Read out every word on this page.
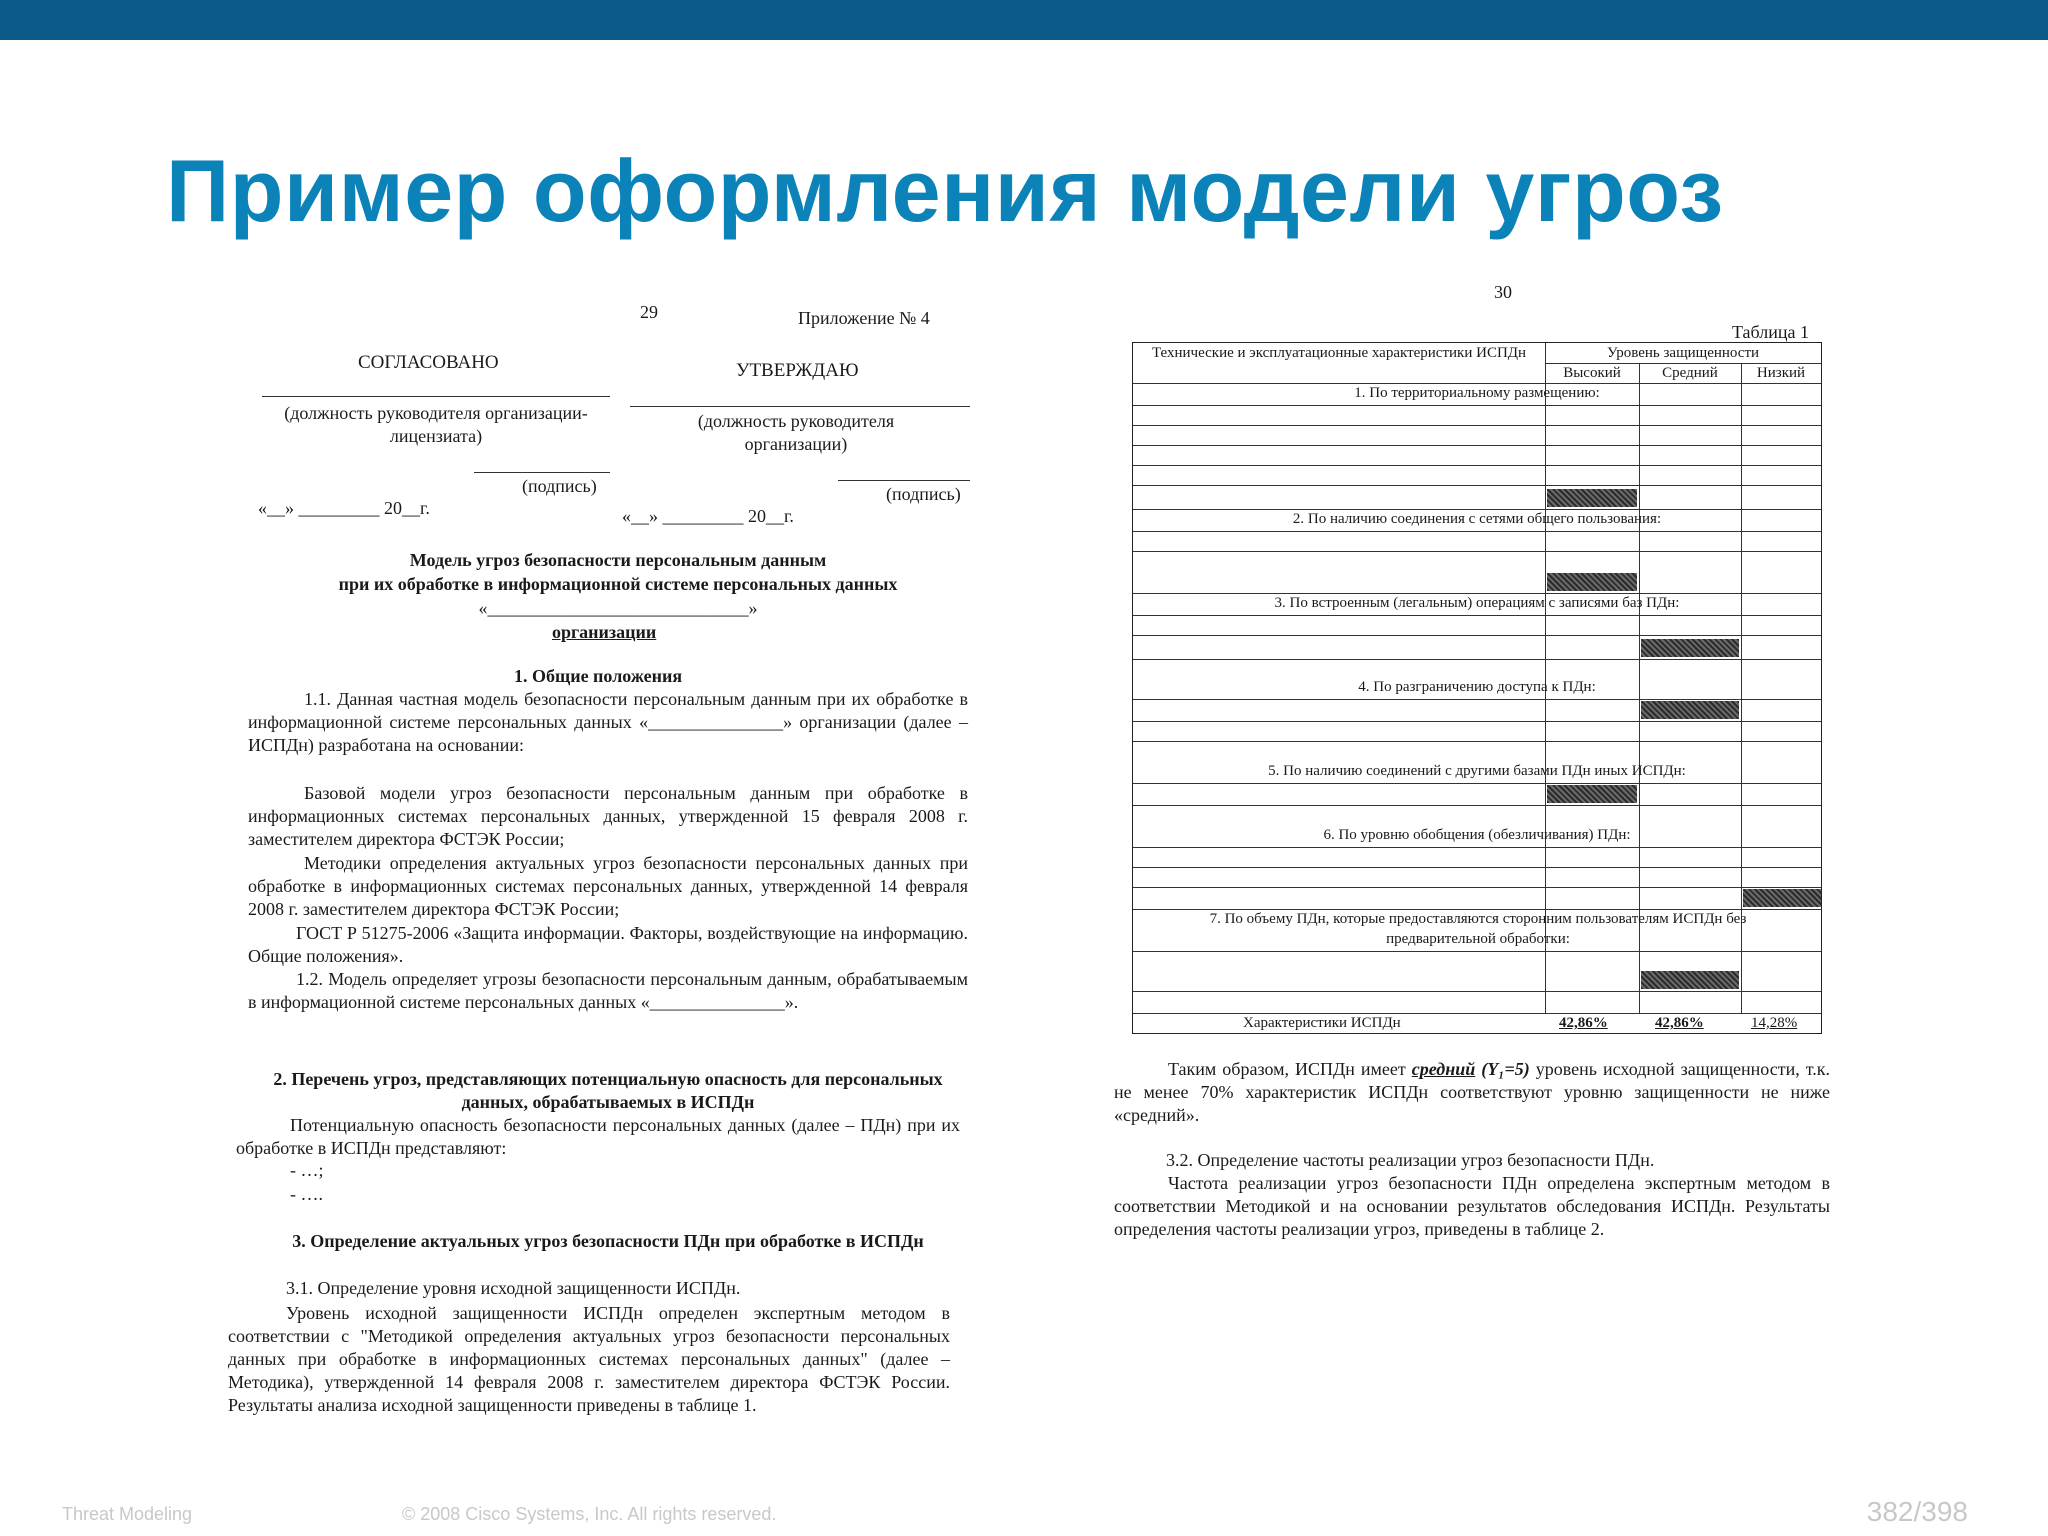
Пример оформления модели угроз
29	Приложение № 4
СОГЛАСОВАНО	УТВЕРЖДАЮ
(должность руководителя организации-лицензиата)
(должность руководителя организации)
(подпись)	(подпись)
«__» _________ 20__г.	«__» _________ 20__г.
Модель угроз безопасности персональным данным
при их обработке в информационной системе персональных данных
«_____________________________»
организации
1. Общие положения
1.1. Данная частная модель безопасности персональным данным при их обработке в информационной системе персональных данных «_______________» организации (далее – ИСПДн) разработана на основании:
Базовой модели угроз безопасности персональным данным при обработке в информационных системах персональных данных, утвержденной 15 февраля 2008 г. заместителем директора ФСТЭК России;
Методики определения актуальных угроз безопасности персональных данных при обработке в информационных системах персональных данных, утвержденной 14 февраля 2008 г. заместителем директора ФСТЭК России;
ГОСТ Р 51275-2006 «Защита информации. Факторы, воздействующие на информацию. Общие положения».
1.2. Модель определяет угрозы безопасности персональным данным, обрабатываемым в информационной системе персональных данных «_______________».
2. Перечень угроз, представляющих потенциальную опасность для персональных данных, обрабатываемых в ИСПДн
Потенциальную опасность безопасности персональных данных (далее – ПДн) при их обработке в ИСПДн представляют:
- …;
- ….
3. Определение актуальных угроз безопасности ПДн при обработке в ИСПДн
3.1. Определение уровня исходной защищенности ИСПДн.
Уровень исходной защищенности ИСПДн определен экспертным методом в соответствии с "Методикой определения актуальных угроз безопасности персональных данных при обработке в информационных системах персональных данных" (далее – Методика), утвержденной 14 февраля 2008 г. заместителем директора ФСТЭК России. Результаты анализа исходной защищенности приведены в таблице 1.
30
Таблица 1
Технические и эксплуатационные характеристики ИСПДн	Уровень защищенности
Высокий	Средний	Низкий
1. По территориальному размещению:
2. По наличию соединения с сетями общего пользования:
3. По встроенным (легальным) операциям с записями баз ПДн:
4. По разграничению доступа к ПДн:
5. По наличию соединений с другими базами ПДн иных ИСПДн:
6. По уровню обобщения (обезличивания) ПДн:
7. По объему ПДн, которые предоставляются сторонним пользователям ИСПДн без предварительной обработки:
Характеристики ИСПДн	42,86%	42,86%	14,28%
Таким образом, ИСПДн имеет средний (Y₁=5) уровень исходной защищенности, т.к. не менее 70% характеристик ИСПДн соответствуют уровню защищенности не ниже «средний».
3.2. Определение частоты реализации угроз безопасности ПДн.
Частота реализации угроз безопасности ПДн определена экспертным методом в соответствии Методикой и на основании результатов обследования ИСПДн. Результаты определения частоты реализации угроз, приведены в таблице 2.
Threat Modeling	© 2008 Cisco Systems, Inc. All rights reserved.	382/398
